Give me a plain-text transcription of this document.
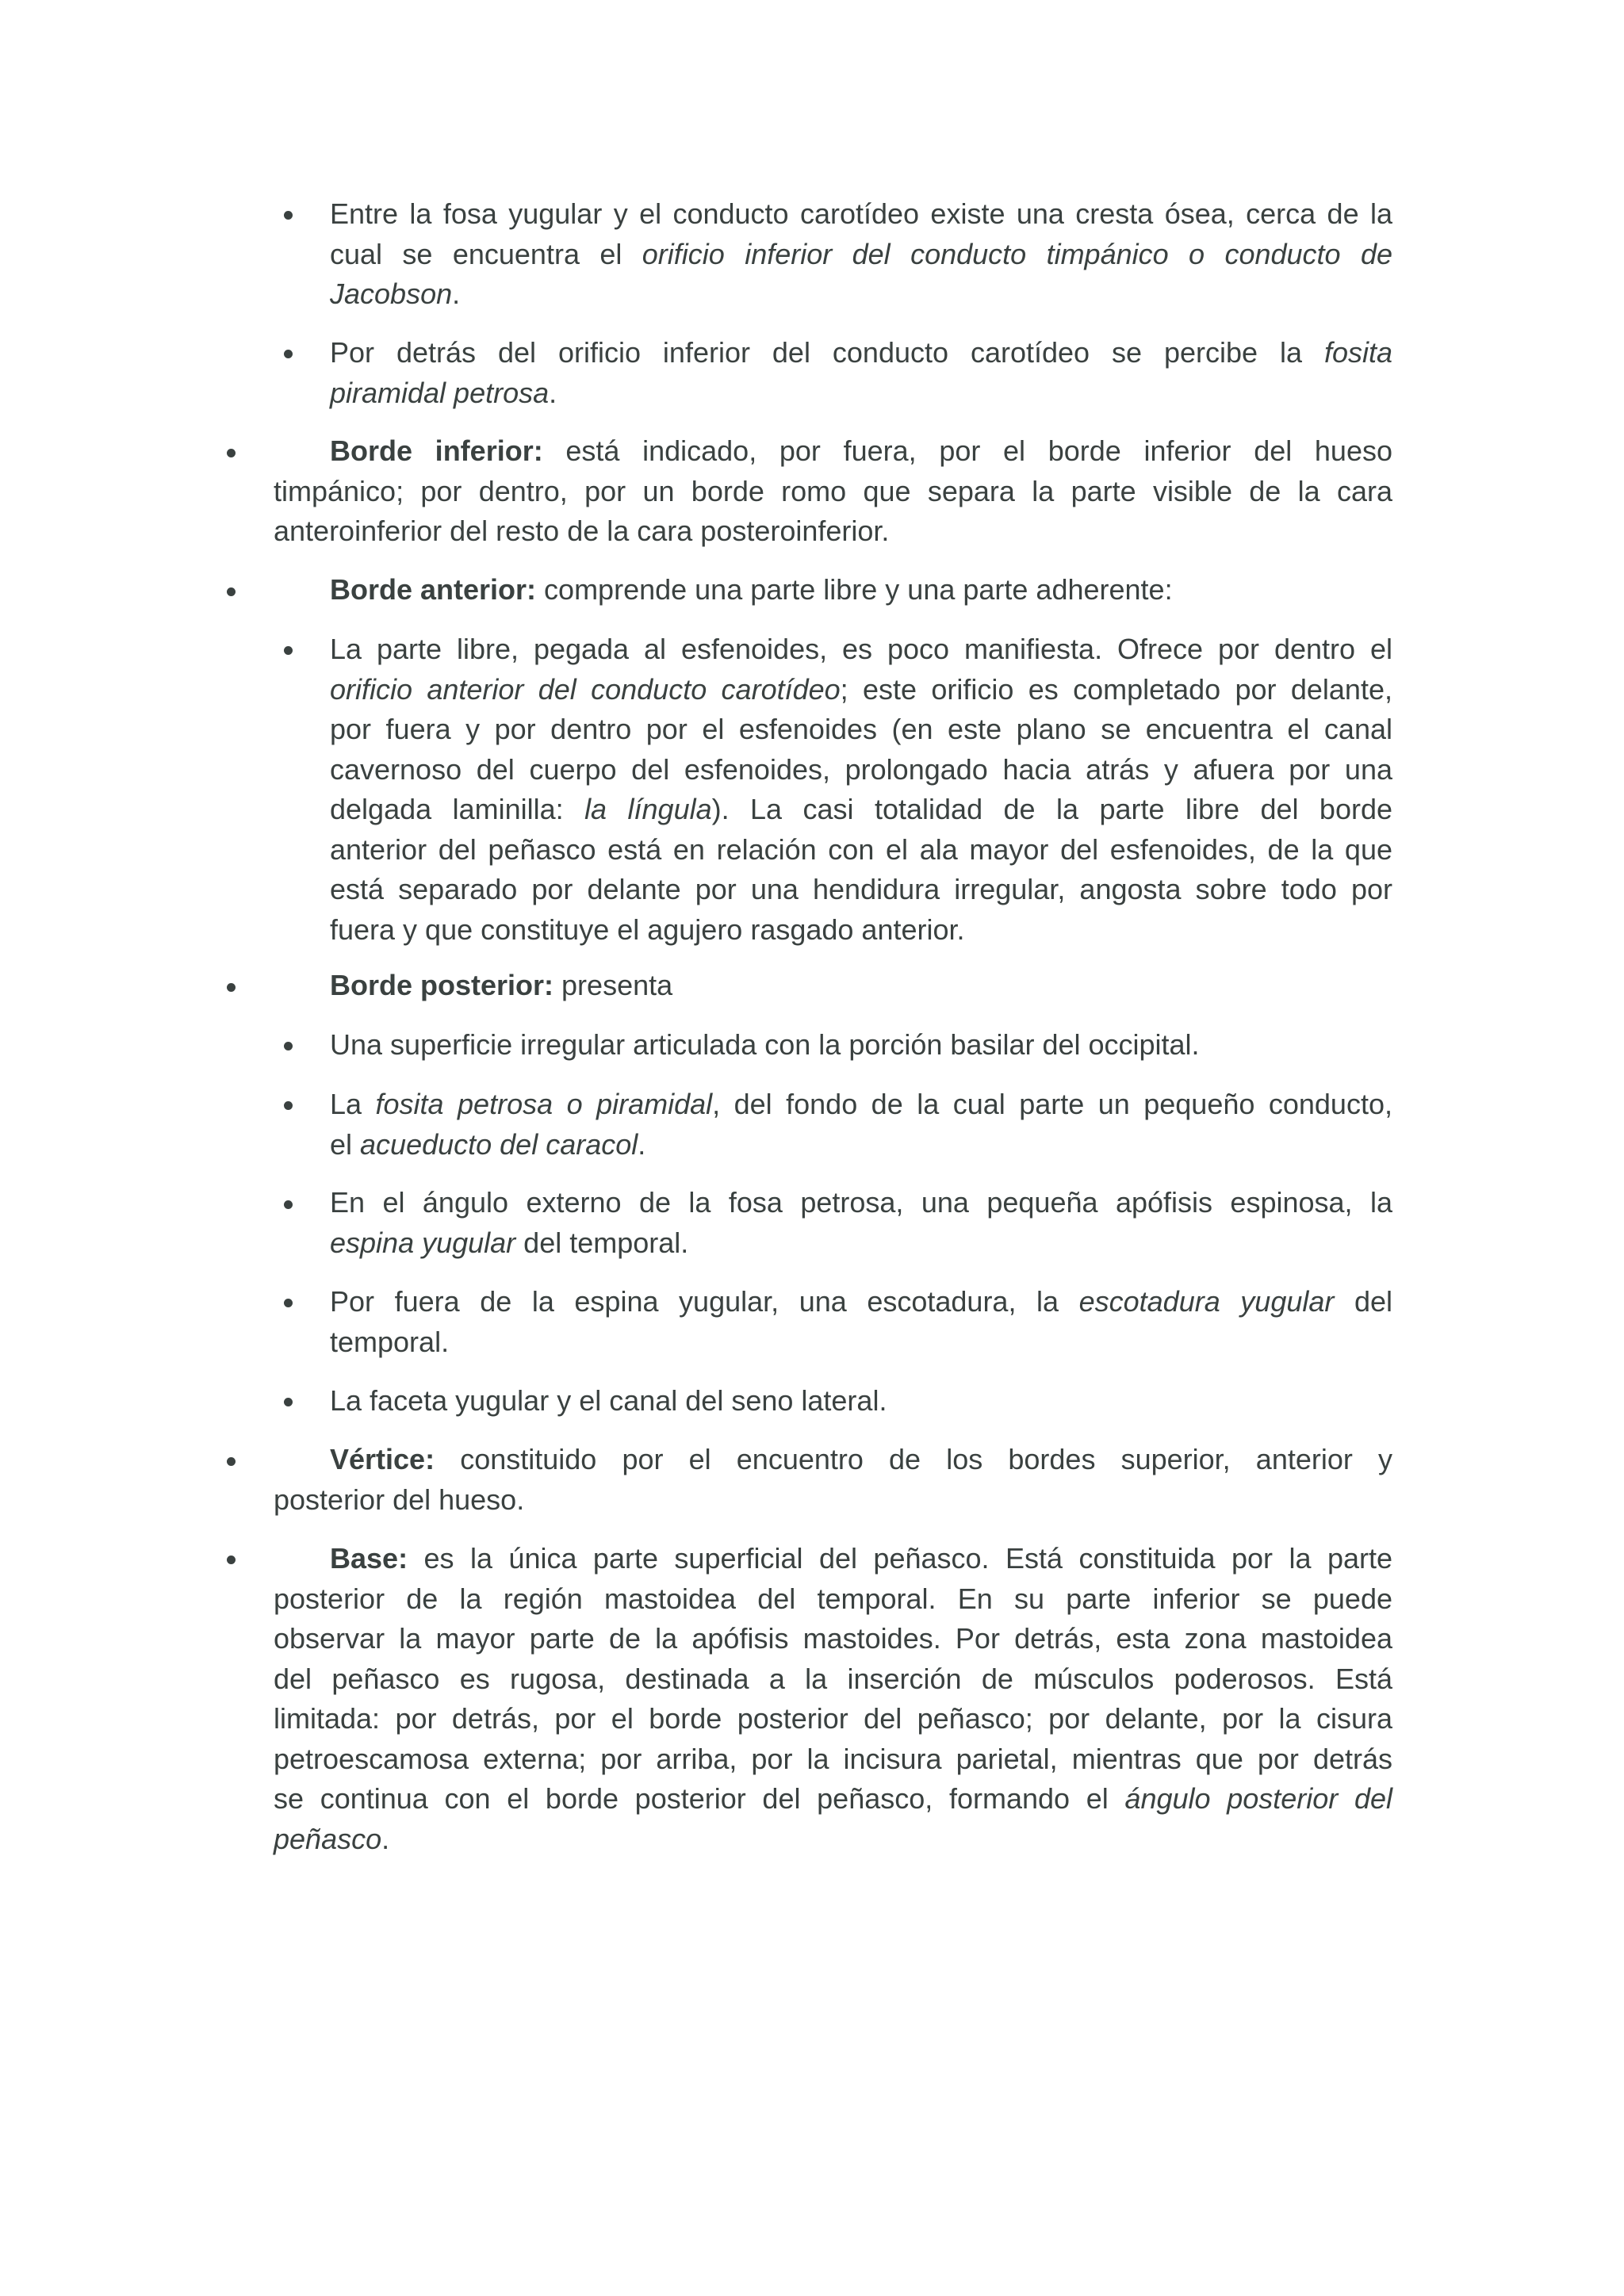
Entre la fosa yugular y el conducto carotídeo existe una cresta ósea, cerca de la
cual se encuentra el orificio inferior del conducto timpánico o conducto de
Jacobson.

Por detrás del orificio inferior del conducto carotídeo se percibe la fosita
piramidal petrosa.

Borde inferior: está indicado, por fuera, por el borde inferior del hueso
timpánico; por dentro, por un borde romo que separa la parte visible de la cara
anteroinferior del resto de la cara posteroinferior.

Borde anterior: comprende una parte libre y una parte adherente:

La parte libre, pegada al esfenoides, es poco manifiesta. Ofrece por dentro el
orificio anterior del conducto carotídeo; este orificio es completado por delante,
por fuera y por dentro por el esfenoides (en este plano se encuentra el canal
cavernoso del cuerpo del esfenoides, prolongado hacia atrás y afuera por una
delgada laminilla: la língula). La casi totalidad de la parte libre del borde
anterior del peñasco está en relación con el ala mayor del esfenoides, de la que
está separado por delante por una hendidura irregular, angosta sobre todo por
fuera y que constituye el agujero rasgado anterior.

Borde posterior: presenta

Una superficie irregular articulada con la porción basilar del occipital.

La fosita petrosa o piramidal, del fondo de la cual parte un pequeño conducto,
el acueducto del caracol.

En el ángulo externo de la fosa petrosa, una pequeña apófisis espinosa, la
espina yugular del temporal.

Por fuera de la espina yugular, una escotadura, la escotadura yugular del
temporal.

La faceta yugular y el canal del seno lateral.

Vértice: constituido por el encuentro de los bordes superior, anterior y
posterior del hueso.

Base: es la única parte superficial del peñasco. Está constituida por la parte
posterior de la región mastoidea del temporal. En su parte inferior se puede
observar la mayor parte de la apófisis mastoides. Por detrás, esta zona mastoidea
del peñasco es rugosa, destinada a la inserción de músculos poderosos. Está
limitada: por detrás, por el borde posterior del peñasco; por delante, por la cisura
petroescamosa externa; por arriba, por la incisura parietal, mientras que por detrás
se continua con el borde posterior del peñasco, formando el ángulo posterior del
peñasco.
